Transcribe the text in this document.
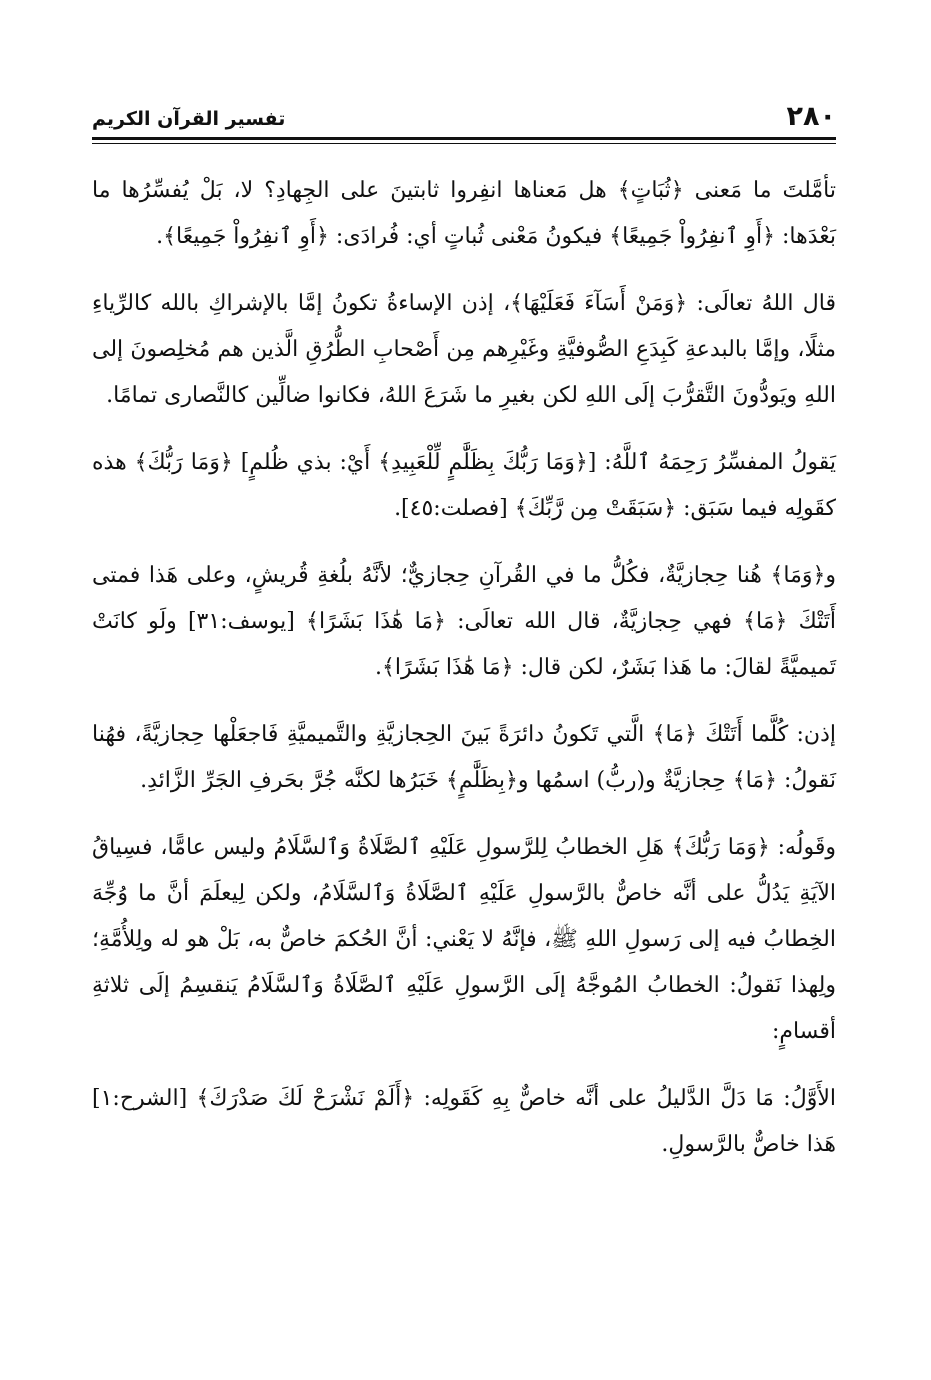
٢٨٠
تفسير القرآن الكريم

تأمَّلتَ ما مَعنى ﴿ثُبَاتٍ﴾ هل مَعناها انفِروا ثابتينَ على الجِهادِ؟ لا، بَلْ يُفسِّرُها ما بَعْدَها: ﴿أَوِ ٱنفِرُواْ جَمِيعًا﴾ فيكونُ مَعْنى ثُباتٍ أي: فُرادَى: ﴿أَوِ ٱنفِرُواْ جَمِيعًا﴾.

قال اللهُ تعالَى: ﴿وَمَنْ أَسَآءَ فَعَلَيْهَا﴾، إذن الإساءةُ تكونُ إمَّا بالإشراكِ بالله كالرِّياءِ مثلًا، وإمَّا بالبدعةِ كَبِدَعِ الصُّوفيَّةِ وغَيْرِهم مِن أَصْحابِ الطُّرُقِ الَّذين هم مُخلِصونَ إلى اللهِ ويَودُّونَ التَّقرُّبَ إلَى اللهِ لكن بغيرِ ما شَرَعَ اللهُ، فكانوا ضالِّين كالنَّصارى تمامًا.

يَقولُ المفسِّرُ رَحِمَهُ ٱللَّهُ: [﴿وَمَا رَبُّكَ بِظَلَّٰمٍ لِّلْعَبِيدِ﴾ أَيْ: بذي ظُلمٍ] ﴿وَمَا رَبُّكَ﴾ هذه كقَولِه فيما سَبَق: ﴿سَبَقَتْ مِن رَّبِّكَ﴾ [فصلت:٤٥].

و﴿وَمَا﴾ هُنا حِجازيَّةٌ، فكُلُّ ما في القُرآنِ حِجازيٌّ؛ لأنَّهُ بلُغةِ قُريشٍ، وعلى هَذا فمتى أَتَتْكَ ﴿مَا﴾ فهي حِجازيَّةٌ، قال الله تعالَى: ﴿مَا هَٰذَا بَشَرًا﴾ [يوسف:٣١] ولَو كانَتْ تَميميَّةً لقالَ: ما هَذا بَشَرٌ، لكن قال: ﴿مَا هَٰذَا بَشَرًا﴾.

إذن: كُلَّما أَتَتْكَ ﴿مَا﴾ الَّتي تَكونُ دائرَةً بَينَ الحِجازيَّةِ والتَّميميَّةِ فَاجعَلْها حِجازيَّةً، فهُنا نَقولُ: ﴿مَا﴾ حِجازيَّةٌ و(ربُّ) اسمُها و﴿بِظَلَّٰمٍ﴾ خَبَرُها لكنَّه جُرَّ بحَرفِ الجَرِّ الزَّائدِ.

وقَولُه: ﴿وَمَا رَبُّكَ﴾ هَلِ الخطابُ لِلرَّسولِ عَلَيْهِ ٱلصَّلَاةُ وَٱلسَّلَامُ وليس عامًّا، فسِياقُ الآيَةِ يَدُلُّ على أنَّه خاصٌّ بالرَّسولِ عَلَيْهِ ٱلصَّلَاةُ وَٱلسَّلَامُ، ولكن لِيعلَمَ أنَّ ما وُجِّهَ الخِطابُ فيه إلى رَسولِ اللهِ ﷺ، فإنَّهُ لا يَعْني: أنَّ الحُكمَ خاصٌّ به، بَلْ هو له ولِلأُمَّةِ؛ ولِهذا نَقولُ: الخطابُ المُوجَّهُ إلَى الرَّسولِ عَلَيْهِ ٱلصَّلَاةُ وَٱلسَّلَامُ يَنقسِمُ إلَى ثلاثةِ أقسامٍ:

الأَوَّلُ: مَا دَلَّ الدَّليلُ على أنَّه خاصٌّ بِهِ كَقَولِه: ﴿أَلَمْ نَشْرَحْ لَكَ صَدْرَكَ﴾ [الشرح:١] هَذا خاصٌّ بالرَّسولِ.
